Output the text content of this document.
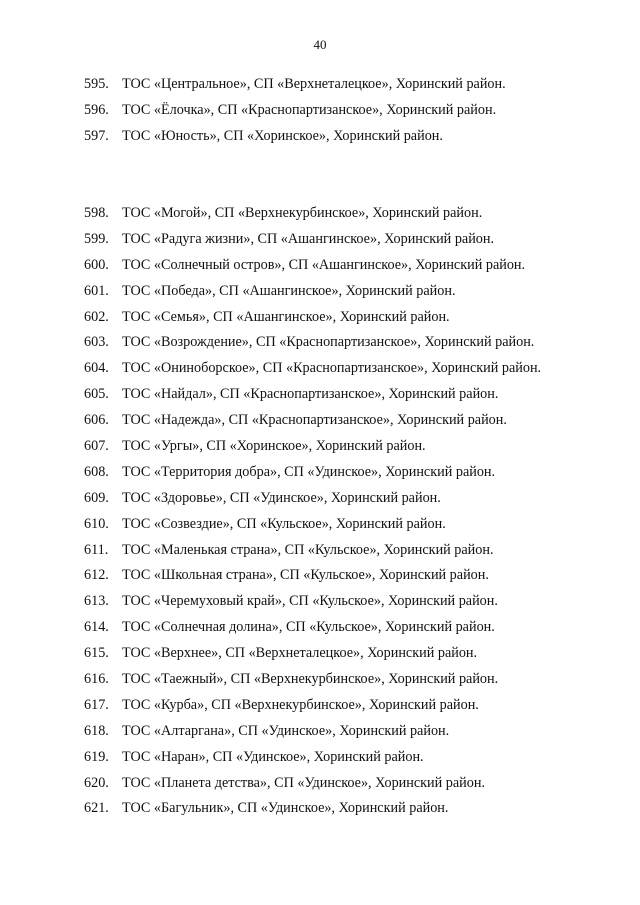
40
595. ТОС «Центральное», СП «Верхнеталецкое», Хоринский район.
596. ТОС «Ёлочка», СП «Краснопартизанское», Хоринский район.
597. ТОС «Юность», СП «Хоринское», Хоринский район.
598. ТОС «Могой», СП «Верхнекурбинское», Хоринский район.
599. ТОС «Радуга жизни», СП «Ашангинское», Хоринский район.
600. ТОС «Солнечный остров», СП «Ашангинское», Хоринский район.
601. ТОС «Победа», СП «Ашангинскоe», Хоринский район.
602. ТОС «Семья», СП «Ашангинское», Хоринский район.
603. ТОС «Возрождение», СП «Краснопартизанское», Хоринский район.
604. ТОС «Онинoборское», СП «Краснопартизанское», Хоринский район.
605. ТОС «Найдал», СП «Краснопартизанское», Хоринский район.
606. ТОС «Надежда», СП «Краснопартизанское», Хоринский район.
607. ТОС «Ургы», СП «Хоринское», Хоринский район.
608. ТОС «Территория добра», СП «Удинское», Хоринский район.
609. ТОС «Здоровье», СП «Удинское», Хоринский район.
610. ТОС «Созвездие», СП «Кульское», Хоринский район.
611. ТОС «Маленькая страна», СП «Кульское», Хоринский район.
612. ТОС «Школьная страна», СП «Кульское», Хоринский район.
613. ТОС «Черемуховый край», СП «Кульское», Хоринский район.
614. ТОС «Солнечная долина», СП «Кульское», Хоринский район.
615. ТОС «Верхнее», СП «Верхнеталецкое», Хоринский район.
616. ТОС «Таежный», СП «Верхнекурбинское», Хоринский район.
617. ТОС «Курба», СП «Верхнекурбинское», Хоринский район.
618. ТОС «Алтаргана», СП «Удинское», Хоринский район.
619. ТОС «Наран», СП «Удинское», Хоринский район.
620. ТОС «Планета детства», СП «Удинское», Хоринский район.
621. ТОС «Багульник», СП «Удинское», Хоринский район.
